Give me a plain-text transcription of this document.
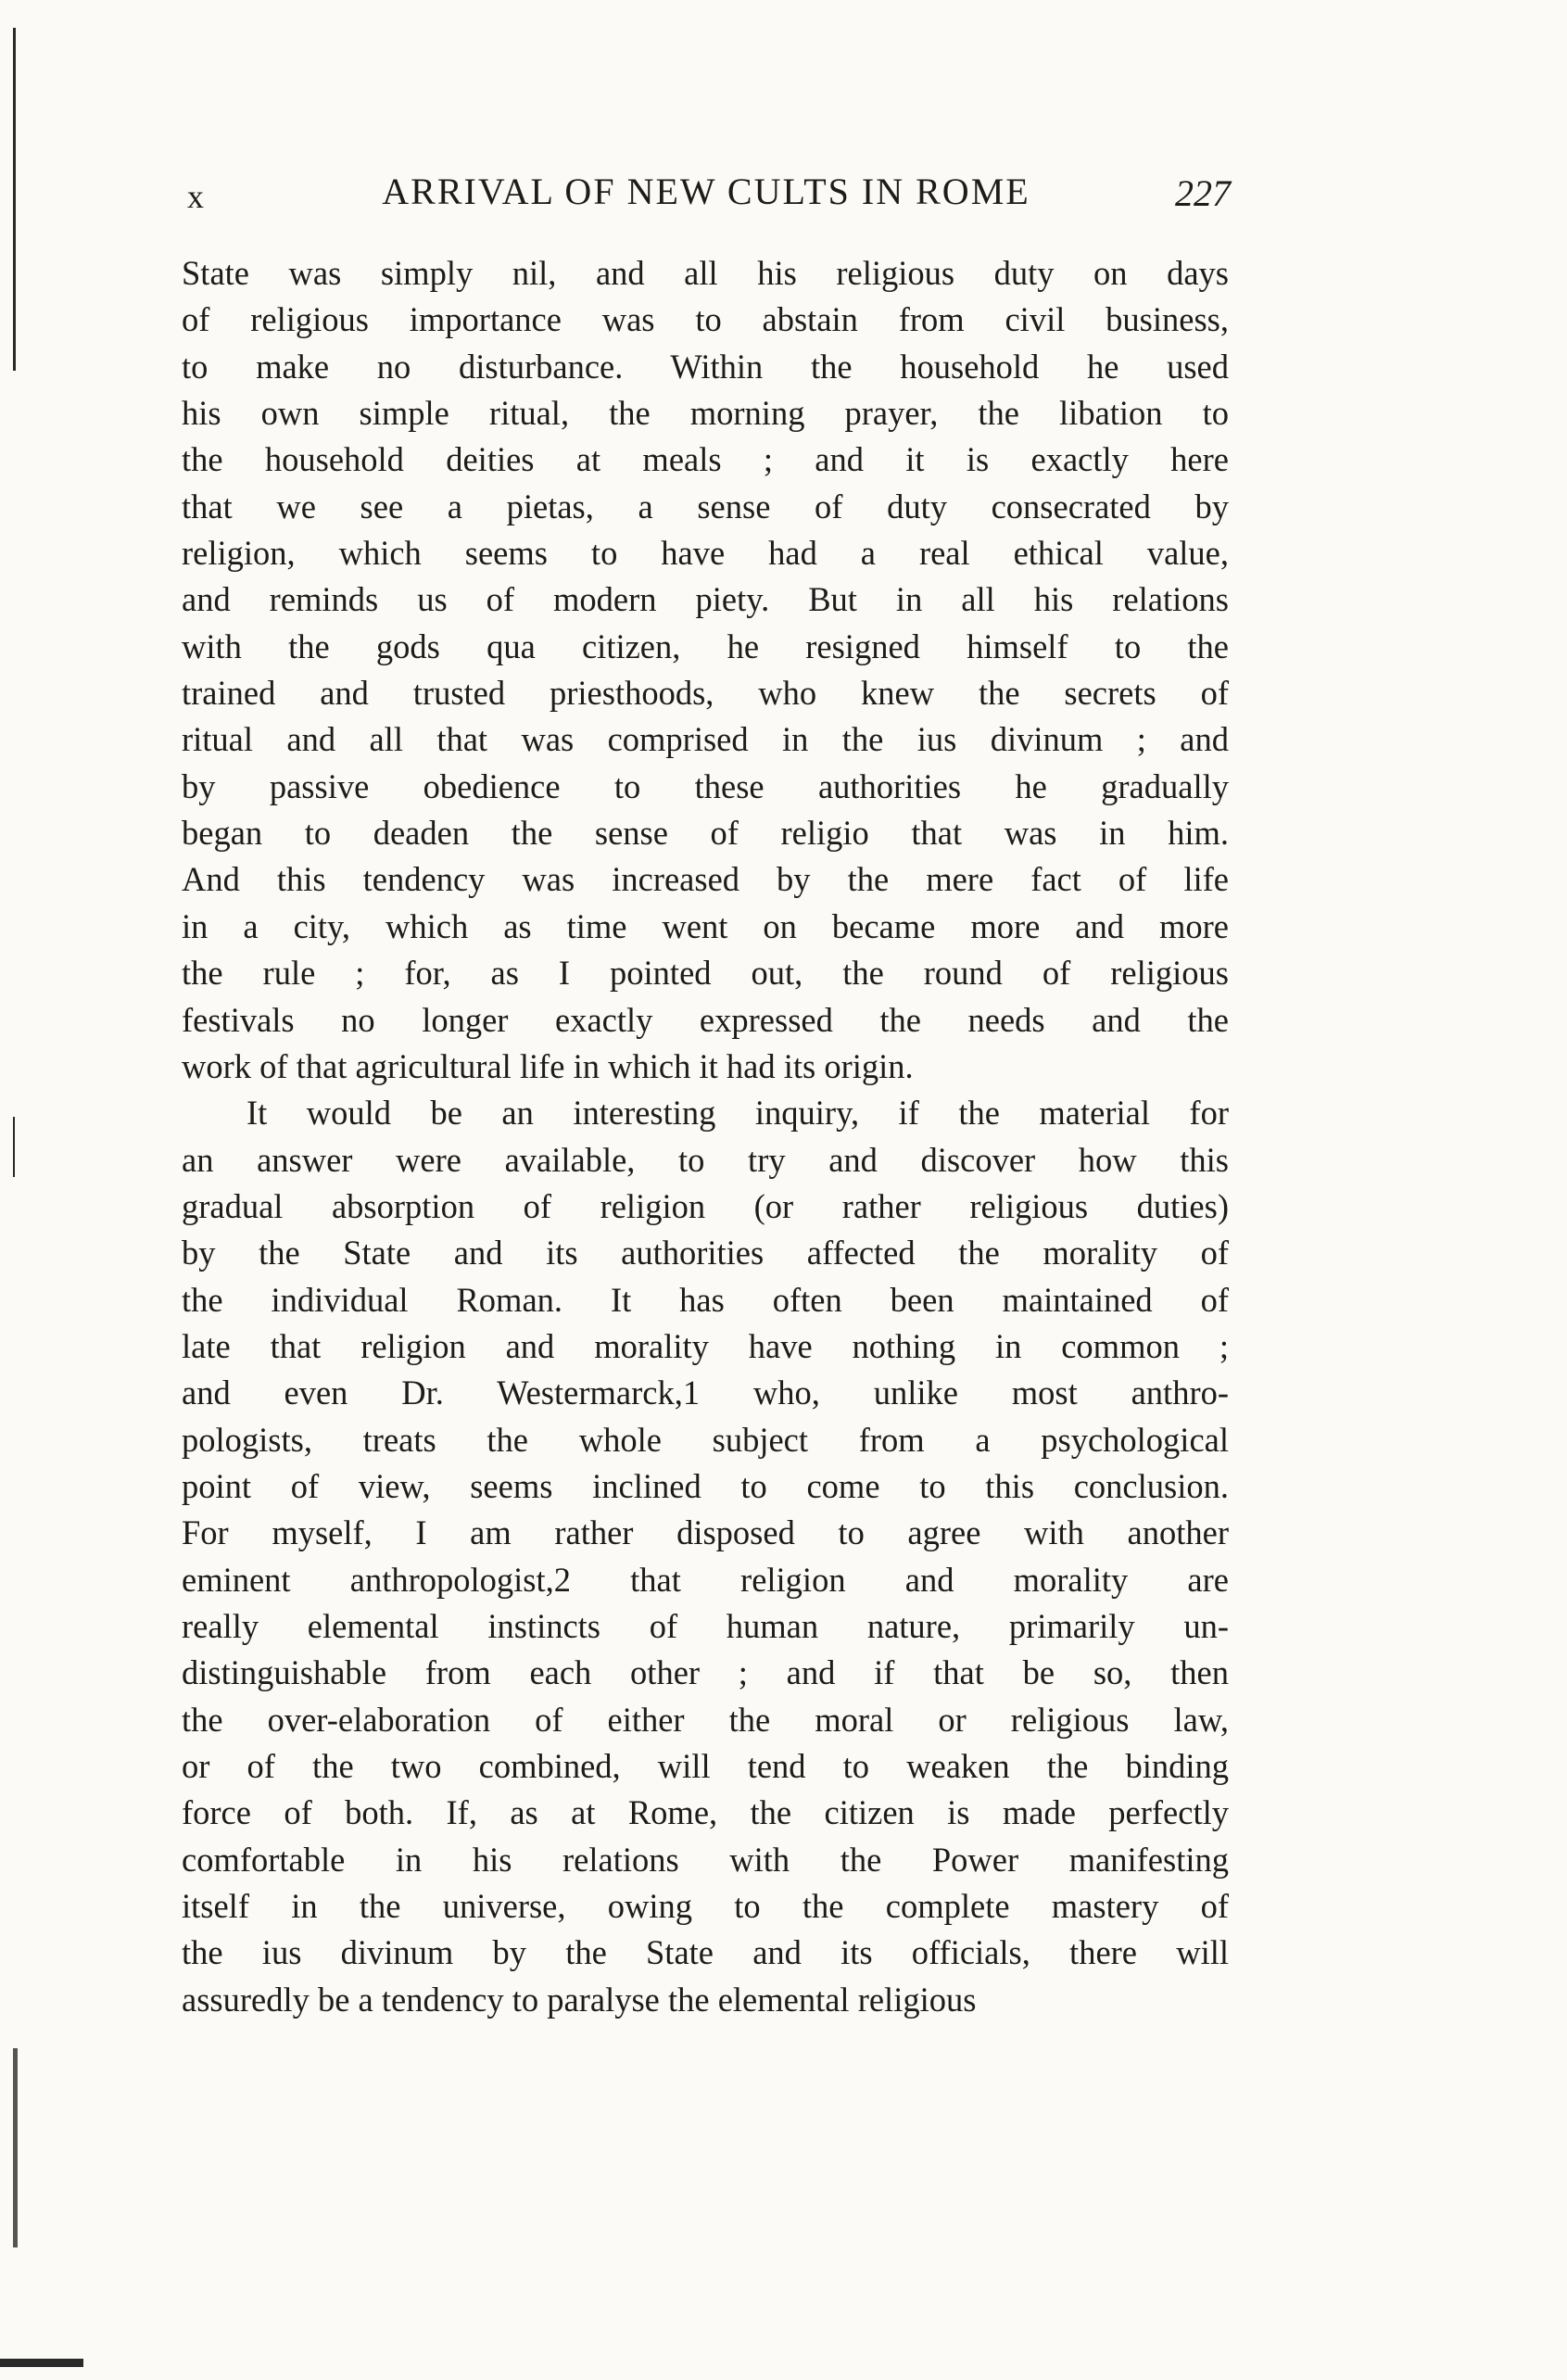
x	ARRIVAL OF NEW CULTS IN ROME	227
State was simply nil, and all his religious duty on days
of religious importance was to abstain from civil business,
to make no disturbance. Within the household he used
his own simple ritual, the morning prayer, the libation to
the household deities at meals ; and it is exactly here
that we see a pietas, a sense of duty consecrated by
religion, which seems to have had a real ethical value,
and reminds us of modern piety. But in all his relations
with the gods qua citizen, he resigned himself to the
trained and trusted priesthoods, who knew the secrets of
ritual and all that was comprised in the ius divinum ; and
by passive obedience to these authorities he gradually
began to deaden the sense of religio that was in him.
And this tendency was increased by the mere fact of life
in a city, which as time went on became more and more
the rule ; for, as I pointed out, the round of religious
festivals no longer exactly expressed the needs and the
work of that agricultural life in which it had its origin.
It would be an interesting inquiry, if the material for
an answer were available, to try and discover how this
gradual absorption of religion (or rather religious duties)
by the State and its authorities affected the morality of
the individual Roman. It has often been maintained of
late that religion and morality have nothing in common ;
and even Dr. Westermarck,1 who, unlike most anthro-
pologists, treats the whole subject from a psychological
point of view, seems inclined to come to this conclusion.
For myself, I am rather disposed to agree with another
eminent anthropologist,2 that religion and morality are
really elemental instincts of human nature, primarily un-
distinguishable from each other ; and if that be so, then
the over-elaboration of either the moral or religious law,
or of the two combined, will tend to weaken the binding
force of both. If, as at Rome, the citizen is made perfectly
comfortable in his relations with the Power manifesting
itself in the universe, owing to the complete mastery of
the ius divinum by the State and its officials, there will
assuredly be a tendency to paralyse the elemental religious
